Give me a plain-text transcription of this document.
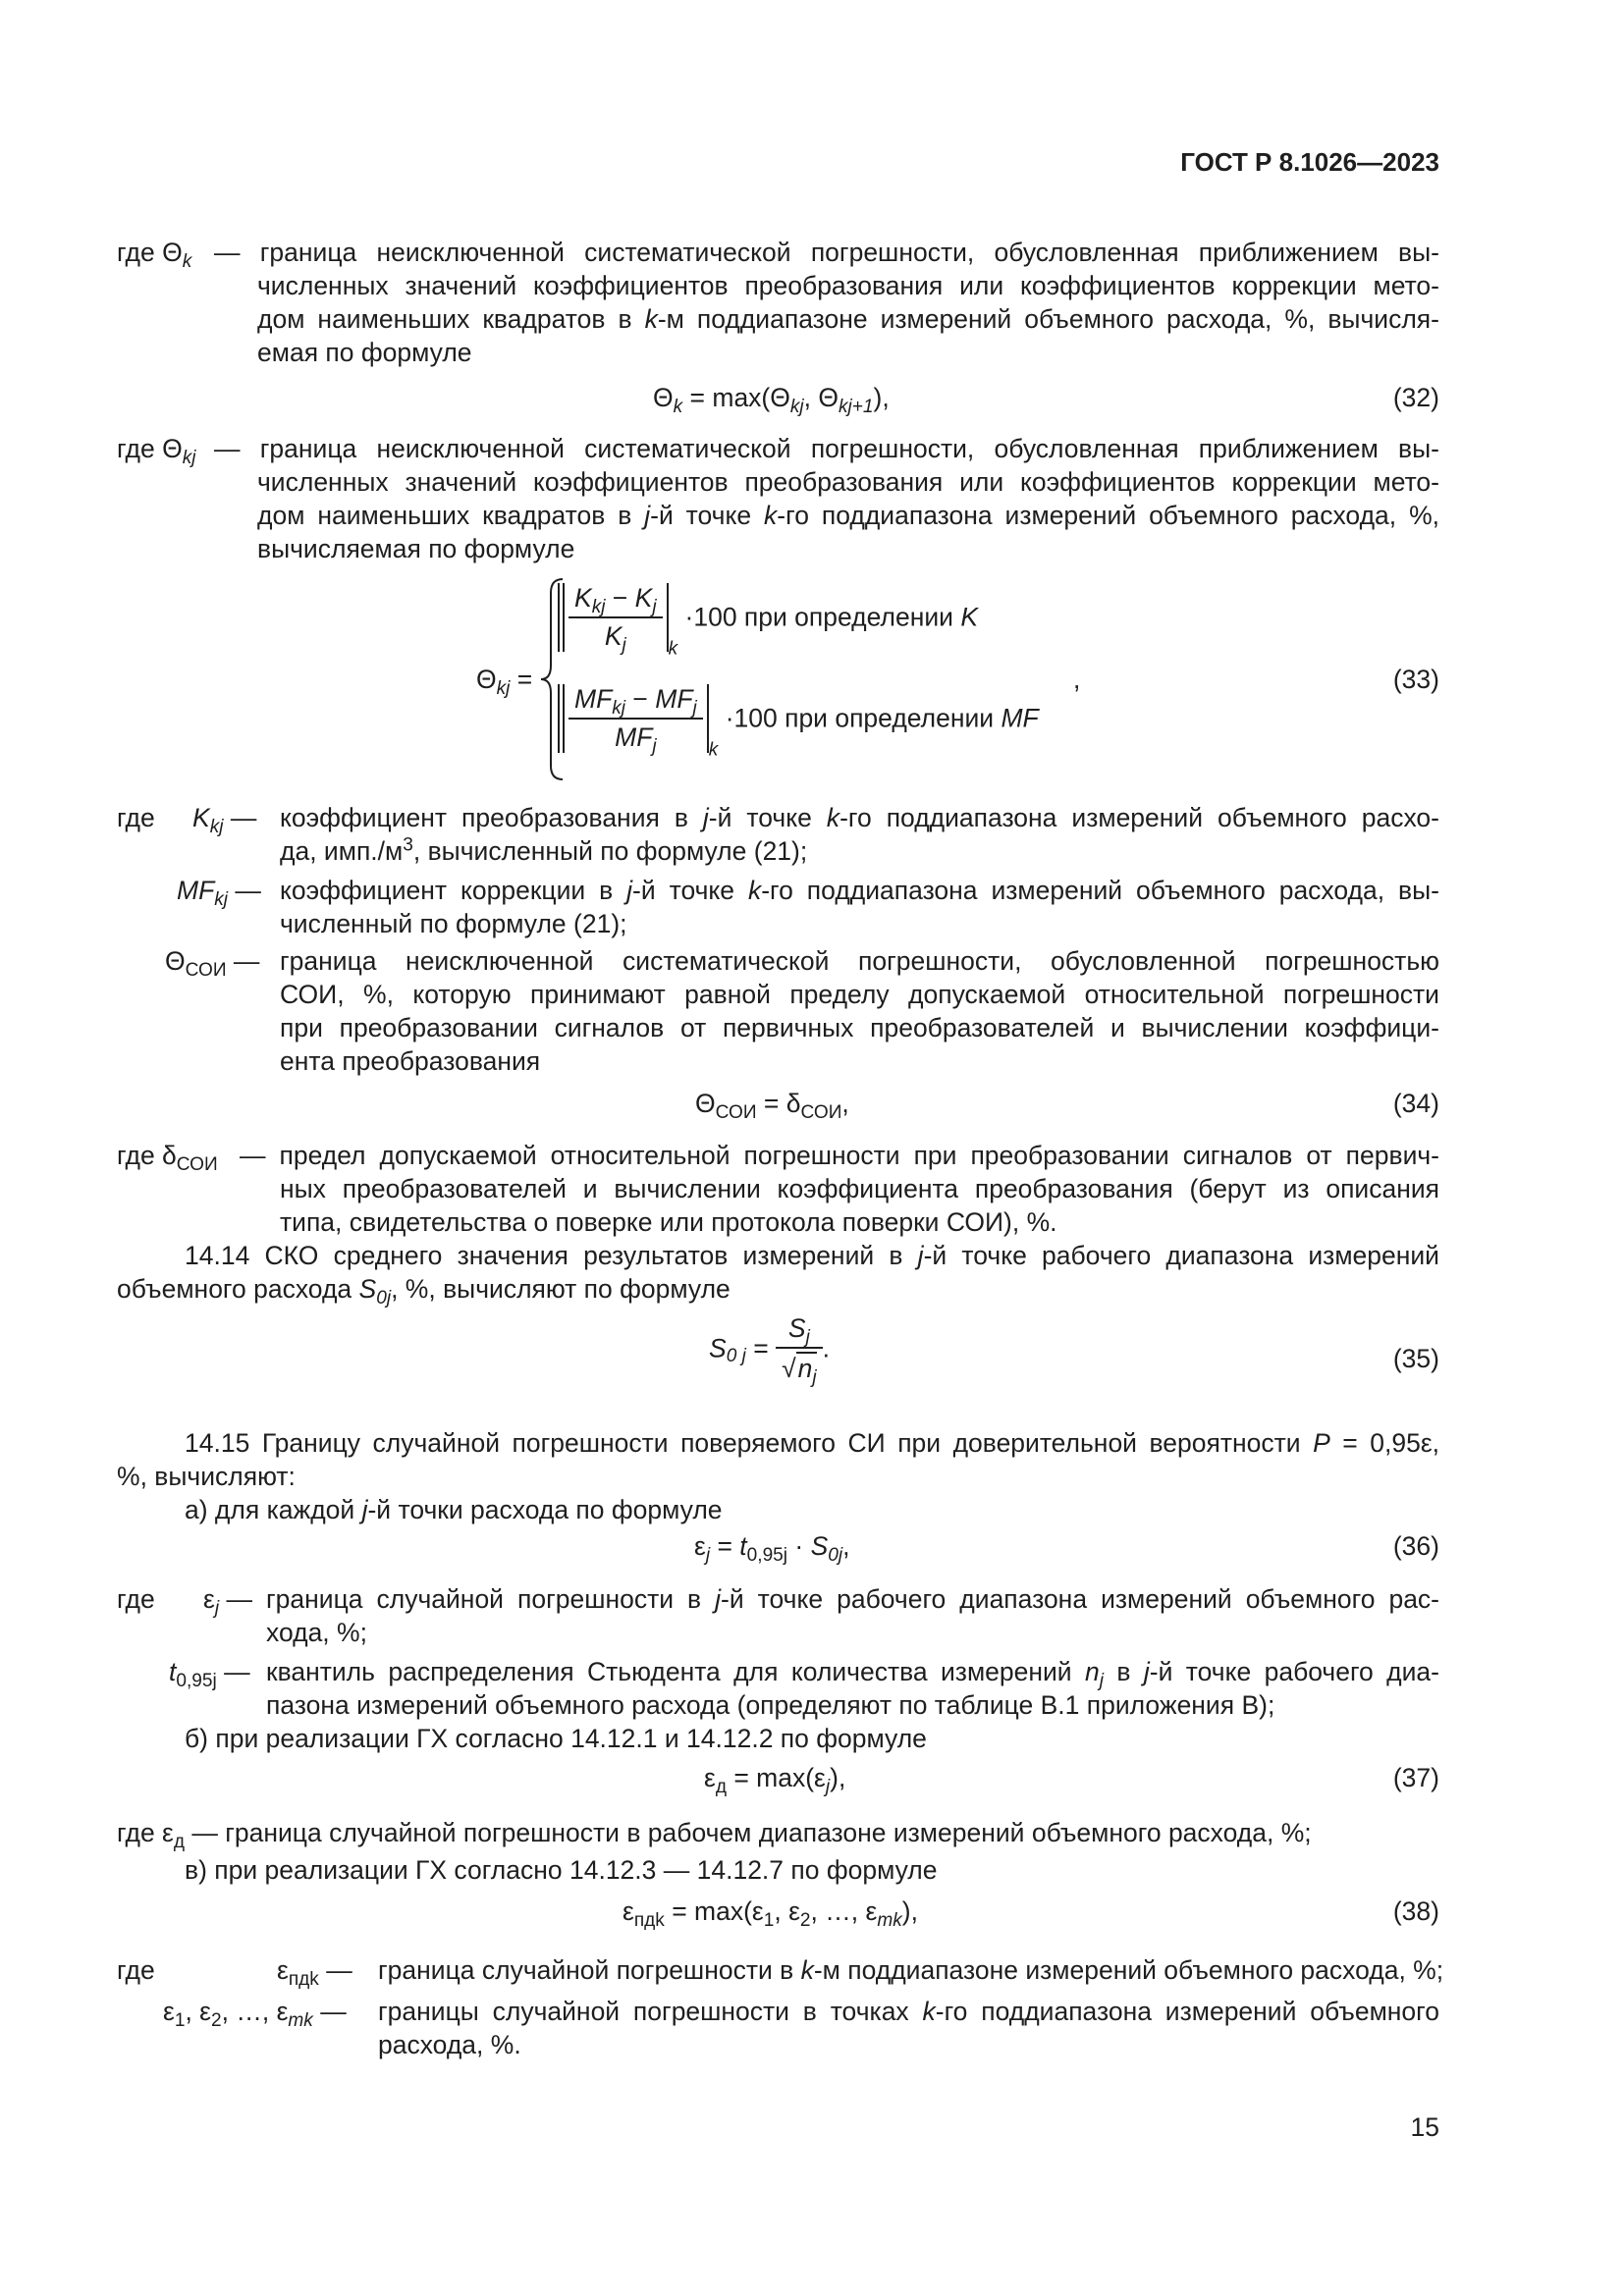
ГОСТ Р 8.1026—2023
где $\Theta_k$ — граница неисключенной систематической погрешности, обусловленная приближением вы-
численных значений коэффициентов преобразования или коэффициентов коррекции мето-
дом наименьших квадратов в k-м поддиапазоне измерений объемного расхода, %, вычисля-
емая по формуле
$\Theta_k = \max(\Theta_{kj}$, $\Theta_{kj+1}$),	(32)
где $\Theta_{kj}$ — граница неисключенной систематической погрешности, обусловленная приближением вы-
численных значений коэффициентов преобразования или коэффициентов коррекции мето-
дом наименьших квадратов в j-й точке k-го поддиапазона измерений объемного расхода, %,
вычисляемая по формуле
$\Theta_{kj}$ =
$\frac{K_{kj} - K_j}{K_j} _k \cdot 100$ при определении K
$\frac{MF_{kj} - MF_j}{MF_j} _k \cdot 100$ при определении MF
,	(33)
где $K_{kj}$ — коэффициент преобразования в j-й точке k-го поддиапазона измерений объемного расхо-
да, $имп./м^3$, вычисленный по формуле (21);
$MF_{kj}$ — коэффициент коррекции в j-й точке k-го поддиапазона измерений объемного расхода, вы-
численный по формуле (21);
$\Theta_{СОИ}$ — граница неисключенной систематической погрешности, обусловленной погрешностью
СОИ, %, которую принимают равной пределу допускаемой относительной погрешности
при преобразовании сигналов от первичных преобразователей и вычислении коэффици-
ента преобразования
$\Theta_{СОИ} = \delta_{СОИ}$,	(34)
где $\delta_{СОИ}$ — предел допускаемой относительной погрешности при преобразовании сигналов от первич-
ных преобразователей и вычислении коэффициента преобразования (берут из описания
типа, свидетельства о поверке или протокола поверки СОИ), %.
14.14 СКО среднего значения результатов измерений в j-й точке рабочего диапазона измерений
объемного расхода $S_{0j}$, %, вычисляют по формуле
$S_{0 j} = \frac{S_j}{√n_j}$ .	(35)
14.15 Границу случайной погрешности поверяемого СИ при доверительной вероятности P = 0,95ε,
%, вычисляют:
а) для каждой j-й точки расхода по формуле
$\varepsilon_j = t_{0,95j} \cdot S_{0j}$,	(36)
где $\varepsilon_j$ — граница случайной погрешности в j-й точке рабочего диапазона измерений объемного рас-
хода, %;
$t_{0,95j}$ — квантиль распределения Стьюдента для количества измерений $n_j$ в j-й точке рабочего диа-
пазона измерений объемного расхода (определяют по таблице В.1 приложения В);
б) при реализации ГХ согласно 14.12.1 и 14.12.2 по формуле
$\varepsilon_д = \max(\varepsilon_j)$,	(37)
где $\varepsilon_д$ — граница случайной погрешности в рабочем диапазоне измерений объемного расхода, %;
в) при реализации ГХ согласно 14.12.3 — 14.12.7 по формуле
$\varepsilon_{пдk} = \max(\varepsilon_1$, $\varepsilon_2$, …, $\varepsilon_{mk}$),	(38)
где	$\varepsilon_{пдk}$ — граница случайной погрешности в k-м поддиапазоне измерений объемного расхода, %;
$\varepsilon_1$, $\varepsilon_2$, …, $\varepsilon_{mk}$ — границы случайной погрешности в точках k-го поддиапазона измерений объемного
расхода, %.
15
